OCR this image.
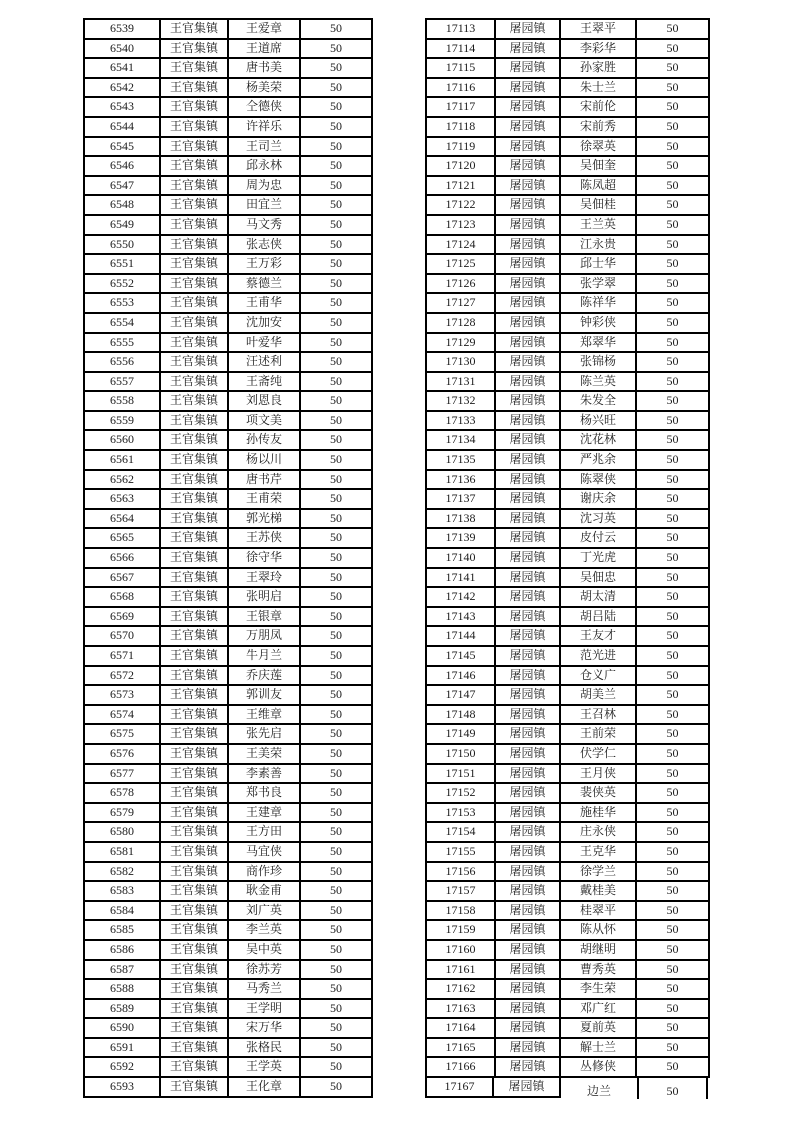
6539	王官集镇	王爱章	50
6540	王官集镇	王道席	50
6541	王官集镇	唐书美	50
6542	王官集镇	杨美荣	50
6543	王官集镇	仝德侠	50
6544	王官集镇	许祥乐	50
6545	王官集镇	王司兰	50
6546	王官集镇	邱永林	50
6547	王官集镇	周为忠	50
6548	王官集镇	田宜兰	50
6549	王官集镇	马文秀	50
6550	王官集镇	张志侠	50
6551	王官集镇	王万彩	50
6552	王官集镇	蔡德兰	50
6553	王官集镇	王甫华	50
6554	王官集镇	沈加安	50
6555	王官集镇	叶爱华	50
6556	王官集镇	汪述利	50
6557	王官集镇	王斋纯	50
6558	王官集镇	刘恩良	50
6559	王官集镇	项文美	50
6560	王官集镇	孙传友	50
6561	王官集镇	杨以川	50
6562	王官集镇	唐书芹	50
6563	王官集镇	王甫荣	50
6564	王官集镇	郭光梯	50
6565	王官集镇	王苏侠	50
6566	王官集镇	徐守华	50
6567	王官集镇	王翠玲	50
6568	王官集镇	张明启	50
6569	王官集镇	王银章	50
6570	王官集镇	万朋凤	50
6571	王官集镇	牛月兰	50
6572	王官集镇	乔庆莲	50
6573	王官集镇	郭训友	50
6574	王官集镇	王维章	50
6575	王官集镇	张先启	50
6576	王官集镇	王美荣	50
6577	王官集镇	李素善	50
6578	王官集镇	郑书良	50
6579	王官集镇	王建章	50
6580	王官集镇	王方田	50
6581	王官集镇	马宜侠	50
6582	王官集镇	商作珍	50
6583	王官集镇	耿金甫	50
6584	王官集镇	刘广英	50
6585	王官集镇	李兰英	50
6586	王官集镇	吴中英	50
6587	王官集镇	徐苏芳	50
6588	王官集镇	马秀兰	50
6589	王官集镇	王学明	50
6590	王官集镇	宋万华	50
6591	王官集镇	张格民	50
6592	王官集镇	王学英	50
6593	王官集镇	王化章	50
17113	屠园镇	王翠平	50
17114	屠园镇	李彩华	50
17115	屠园镇	孙家胜	50
17116	屠园镇	朱士兰	50
17117	屠园镇	宋前伦	50
17118	屠园镇	宋前秀	50
17119	屠园镇	徐翠英	50
17120	屠园镇	吴佃奎	50
17121	屠园镇	陈凤超	50
17122	屠园镇	吴佃桂	50
17123	屠园镇	王兰英	50
17124	屠园镇	江永贵	50
17125	屠园镇	邱士华	50
17126	屠园镇	张学翠	50
17127	屠园镇	陈祥华	50
17128	屠园镇	钟彩侠	50
17129	屠园镇	郑翠华	50
17130	屠园镇	张锦杨	50
17131	屠园镇	陈兰英	50
17132	屠园镇	朱发全	50
17133	屠园镇	杨兴旺	50
17134	屠园镇	沈花林	50
17135	屠园镇	严兆余	50
17136	屠园镇	陈翠侠	50
17137	屠园镇	谢庆余	50
17138	屠园镇	沈习英	50
17139	屠园镇	皮付云	50
17140	屠园镇	丁光虎	50
17141	屠园镇	吴佃忠	50
17142	屠园镇	胡太清	50
17143	屠园镇	胡吕陆	50
17144	屠园镇	王友才	50
17145	屠园镇	范光进	50
17146	屠园镇	仓义广	50
17147	屠园镇	胡美兰	50
17148	屠园镇	王召林	50
17149	屠园镇	王前荣	50
17150	屠园镇	伏学仁	50
17151	屠园镇	王月侠	50
17152	屠园镇	裴侠英	50
17153	屠园镇	施桂华	50
17154	屠园镇	庄永侠	50
17155	屠园镇	王克华	50
17156	屠园镇	徐学兰	50
17157	屠园镇	戴桂美	50
17158	屠园镇	桂翠平	50
17159	屠园镇	陈从怀	50
17160	屠园镇	胡继明	50
17161	屠园镇	曹秀英	50
17162	屠园镇	李生荣	50
17163	屠园镇	邓广红	50
17164	屠园镇	夏前英	50
17165	屠园镇	解士兰	50
17166	屠园镇	丛修侠	50
17167	屠园镇	边兰	50
